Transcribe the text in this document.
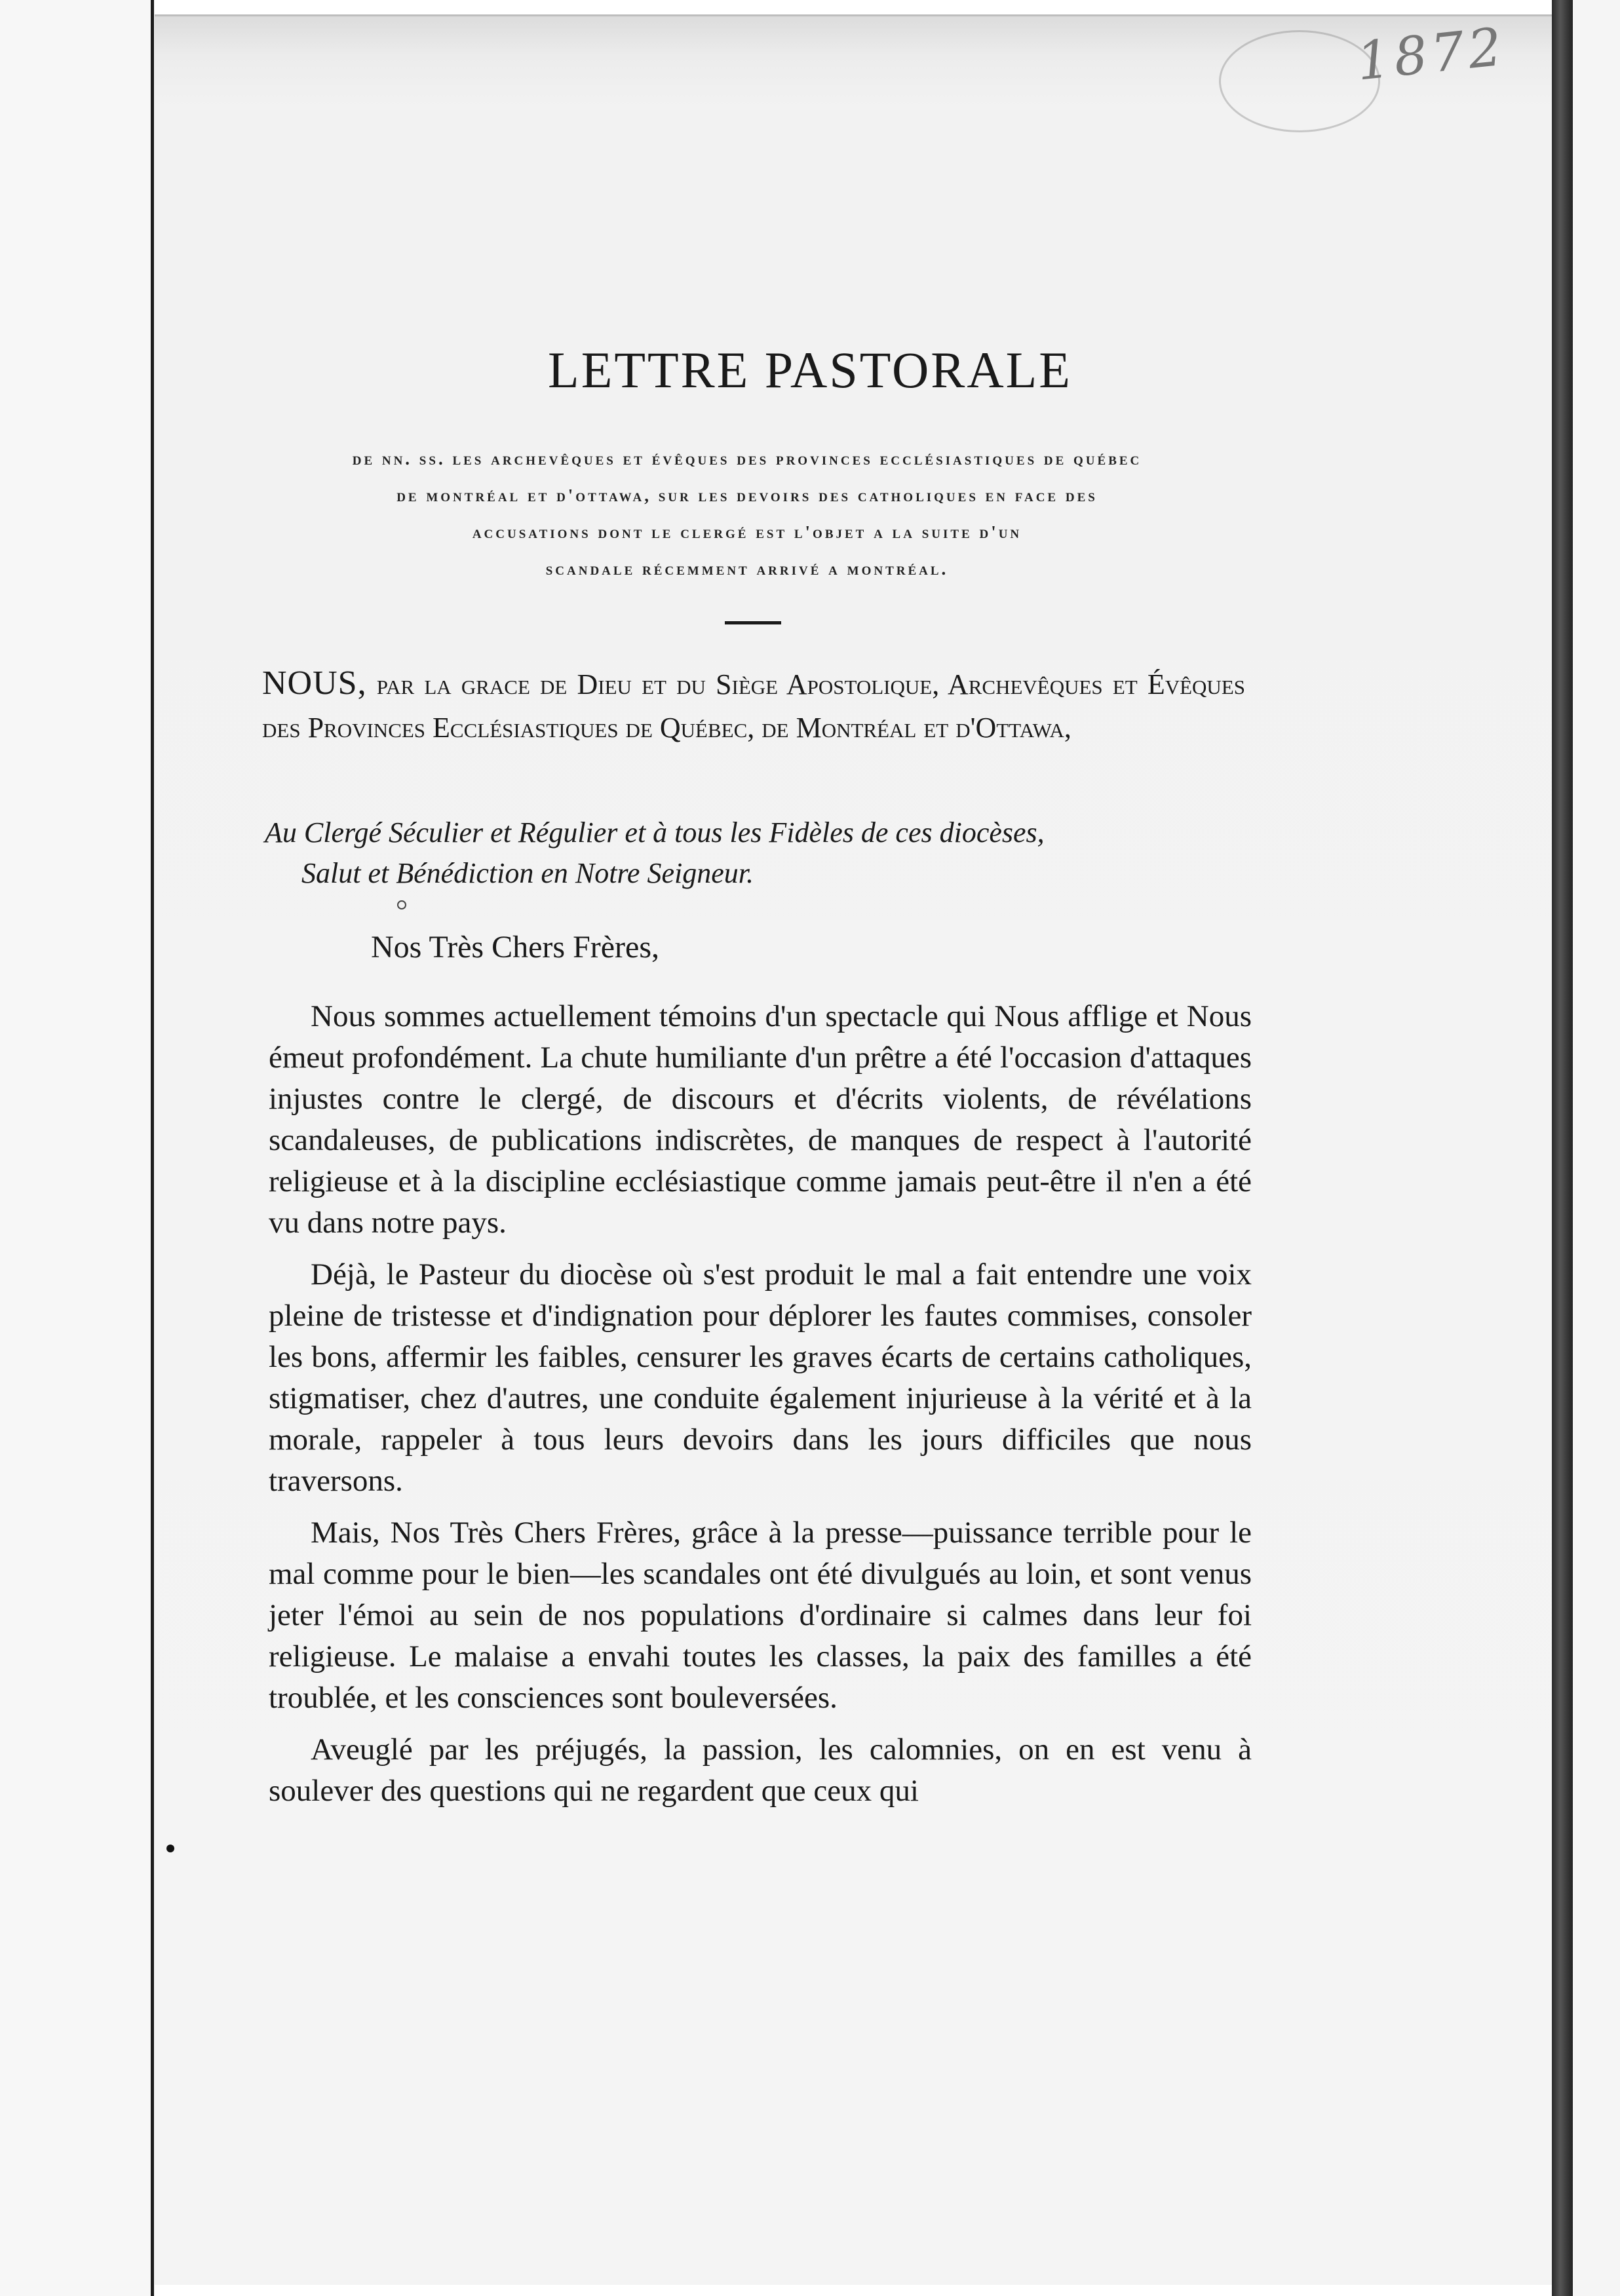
1872
LETTRE PASTORALE
de nn. ss. les archevêques et évêques des provinces ecclésiastiques de québec
de montréal et d'ottawa, sur les devoirs des catholiques en face des
accusations dont le clergé est l'objet a la suite d'un
scandale récemment arrivé a montréal.
NOUS, par la grace de Dieu et du Siège Apostolique, Archevêques et Évêques des Provinces Ecclésiastiques de Québec, de Montréal et d'Ottawa,
Au Clergé Séculier et Régulier et à tous les Fidèles de ces diocèses,
Salut et Bénédiction en Notre Seigneur.
Nos Très Chers Frères,

Nous sommes actuellement témoins d'un spectacle qui Nous afflige et Nous émeut profondément. La chute humiliante d'un prêtre a été l'occasion d'attaques injustes contre le clergé, de discours et d'écrits violents, de révélations scandaleuses, de publications indiscrètes, de manques de respect à l'autorité religieuse et à la discipline ecclésiastique comme jamais peut-être il n'en a été vu dans notre pays.

Déjà, le Pasteur du diocèse où s'est produit le mal a fait entendre une voix pleine de tristesse et d'indignation pour déplorer les fautes commises, consoler les bons, affermir les faibles, censurer les graves écarts de certains catholiques, stigmatiser, chez d'autres, une conduite également injurieuse à la vérité et à la morale, rappeler à tous leurs devoirs dans les jours difficiles que nous traversons.

Mais, Nos Très Chers Frères, grâce à la presse—puissance terrible pour le mal comme pour le bien—les scandales ont été divulgués au loin, et sont venus jeter l'émoi au sein de nos populations d'ordinaire si calmes dans leur foi religieuse. Le malaise a envahi toutes les classes, la paix des familles a été troublée, et les consciences sont bouleversées.

Aveuglé par les préjugés, la passion, les calomnies, on en est venu à soulever des questions qui ne regardent que ceux qui
